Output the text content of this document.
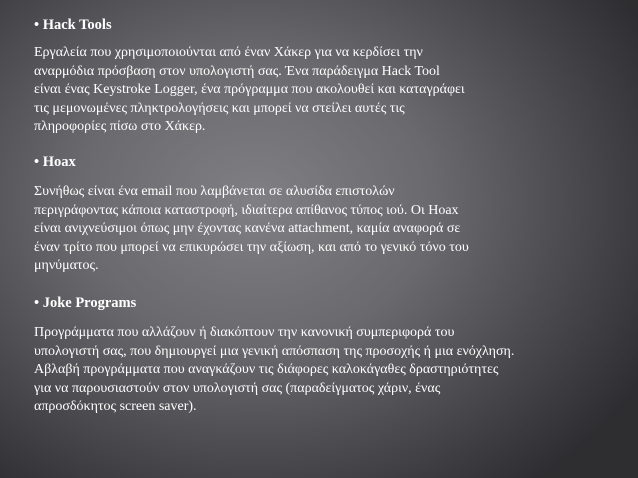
• Hack Tools

Εργαλεία που χρησιμοποιούνται από έναν Χάκερ για να κερδίσει την
αναρμόδια πρόσβαση στον υπολογιστή σας. Ένα παράδειγμα Hack Tool
είναι ένας Keystroke Logger, ένα πρόγραμμα που ακολουθεί και καταγράφει
τις μεμονωμένες πληκτρολογήσεις και μπορεί να στείλει αυτές τις
πληροφορίες πίσω στο Χάκερ.

• Hoax

Συνήθως είναι ένα email που λαμβάνεται σε αλυσίδα επιστολών
περιγράφοντας κάποια καταστροφή, ιδιαίτερα απίθανος τύπος ιού. Οι Hoax
είναι ανιχνεύσιμοι όπως μην έχοντας κανένα attachment, καμία αναφορά σε
έναν τρίτο που μπορεί να επικυρώσει την αξίωση, και από το γενικό τόνο του
μηνύματος.

• Joke Programs

Προγράμματα που αλλάζουν ή διακόπτουν την κανονική συμπεριφορά του
υπολογιστή σας, που δημιουργεί μια γενική απόσπαση της προσοχής ή μια ενόχληση.
Αβλαβή προγράμματα που αναγκάζουν τις διάφορες καλοκάγαθες δραστηριότητες
για να παρουσιαστούν στον υπολογιστή σας (παραδείγματος χάριν, ένας
απροσδόκητος screen saver).
